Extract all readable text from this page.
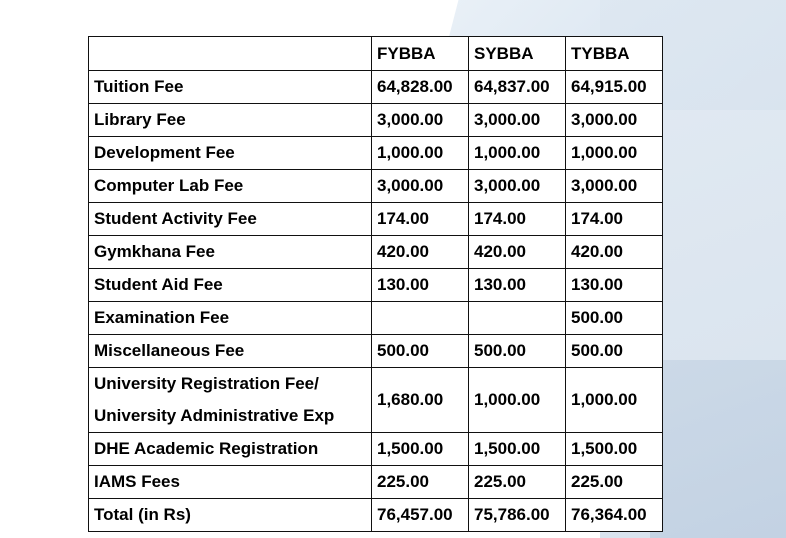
	FYBBA	SYBBA	TYBBA
Tuition Fee	64,828.00	64,837.00	64,915.00
Library Fee	3,000.00	3,000.00	3,000.00
Development Fee	1,000.00	1,000.00	1,000.00
Computer Lab Fee	3,000.00	3,000.00	3,000.00
Student Activity Fee	174.00	174.00	174.00
Gymkhana Fee	420.00	420.00	420.00
Student Aid Fee	130.00	130.00	130.00
Examination Fee			500.00
Miscellaneous Fee	500.00	500.00	500.00

University Registration Fee/
University Administrative Exp	1,680.00	1,000.00	1,000.00
DHE Academic Registration	1,500.00	1,500.00	1,500.00
IAMS Fees	225.00	225.00	225.00
Total (in Rs)	76,457.00	75,786.00	76,364.00
